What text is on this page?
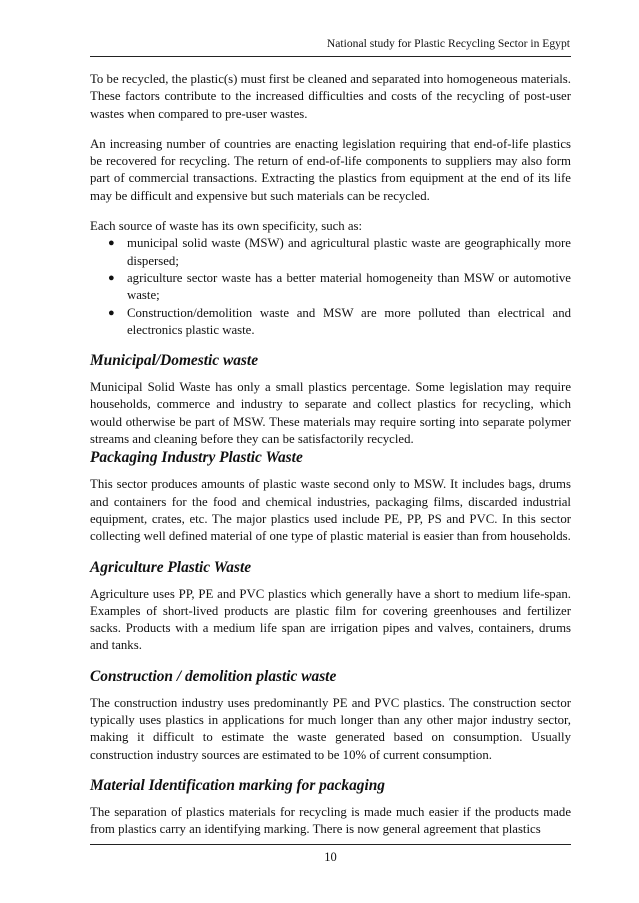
National study for Plastic Recycling Sector in Egypt

To be recycled, the plastic(s) must first be cleaned and separated into homogeneous materials. These factors contribute to the increased difficulties and costs of the recycling of post-user wastes when compared to pre-user wastes.

An increasing number of countries are enacting legislation requiring that end-of-life plastics be recovered for recycling. The return of end-of-life components to suppliers may also form part of commercial transactions. Extracting the plastics from equipment at the end of its life may be difficult and expensive but such materials can be recycled.

Each source of waste has its own specificity, such as:

● municipal solid waste (MSW) and agricultural plastic waste are geographically more dispersed;
● agriculture sector waste has a better material homogeneity than MSW or automotive waste;
● Construction/demolition waste and MSW are more polluted than electrical and electronics plastic waste.
Municipal/Domestic waste

Municipal Solid Waste has only a small plastics percentage. Some legislation may require households, commerce and industry to separate and collect plastics for recycling, which would otherwise be part of MSW. These materials may require sorting into separate polymer streams and cleaning before they can be satisfactorily recycled.

Packaging Industry Plastic Waste

This sector produces amounts of plastic waste second only to MSW. It includes bags, drums and containers for the food and chemical industries, packaging films, discarded industrial equipment, crates, etc. The major plastics used include PE, PP, PS and PVC. In this sector collecting well defined material of one type of plastic material is easier than from households.

Agriculture Plastic Waste

Agriculture uses PP, PE and PVC plastics which generally have a short to medium life-span. Examples of short-lived products are plastic film for covering greenhouses and fertilizer sacks. Products with a medium life span are irrigation pipes and valves, containers, drums and tanks.

Construction / demolition plastic waste

The construction industry uses predominantly PE and PVC plastics. The construction sector typically uses plastics in applications for much longer than any other major industry sector, making it difficult to estimate the waste generated based on consumption. Usually construction industry sources are estimated to be 10% of current consumption.

Material Identification marking for packaging

The separation of plastics materials for recycling is made much easier if the products made from plastics carry an identifying marking. There is now general agreement that plastics

10
